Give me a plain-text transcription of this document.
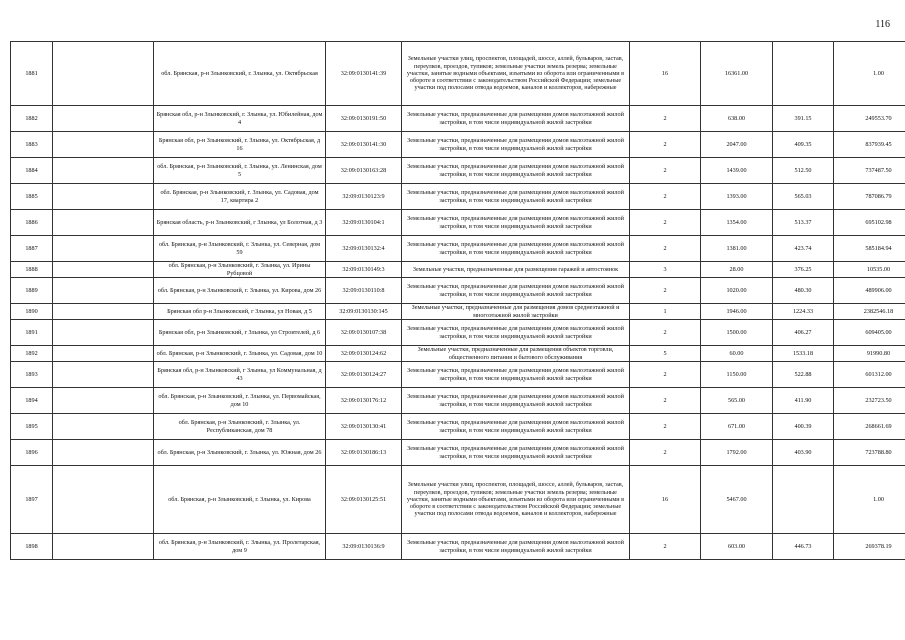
116
1881		обл. Брянская, р-н Злынковский, г. Злынка, ул. Октябрьская	32:09:0130141:39	Земельные участки улиц, проспектов, площадей, шоссе, аллей, бульваров, застав, переулков, проездов, тупиков; земельные участки земель резерва; земельные участки, занятые водными объектами, изъятыми из оборота или ограниченными в обороте в соответствии с законодательством Российской Федерации; земельные участки под полосами отвода водоемов, каналов и коллекторов, набережные	16	16361.00		1.00
1882		Брянская обл, р-н Злынковский, г. Злынка, ул. Юбилейная, дом 4	32:09:0130191:50	Земельные участки, предназначенные для размещения домов малоэтажной жилой застройки, в том числе индивидуальной жилой застройки	2	638.00	391.15	249553.70
1883		Брянская обл, р-н Злынковский, г. Злынка, ул. Октябрьская, д 16	32:09:0130141:30	Земельные участки, предназначенные для размещения домов малоэтажной жилой застройки, в том числе индивидуальной жилой застройки	2	2047.00	409.35	837939.45
1884		обл. Брянская, р-н Злынковский, г. Злынка, ул. Ленинская, дом 5	32:09:0130163:28	Земельные участки, предназначенные для размещения домов малоэтажной жилой застройки, в том числе индивидуальной жилой застройки	2	1439.00	512.50	737487.50
1885		обл. Брянская, р-н Злынковский, г. Злынка, ул. Садовая, дом 17, квартира 2	32:09:0130123:9	Земельные участки, предназначенные для размещения домов малоэтажной жилой застройки, в том числе индивидуальной жилой застройки	2	1393.00	565.03	787086.79
1886		Брянская область, р-н Злынковский, г Злынка, ул Болотная, д 3	32:09:0130104:1	Земельные участки, предназначенные для размещения домов малоэтажной жилой застройки, в том числе индивидуальной жилой застройки	2	1354.00	513.37	695102.98
1887		обл. Брянская, р-н Злынковский, г. Злынка, ул. Северная, дом 59	32:09:0130132:4	Земельные участки, предназначенные для размещения домов малоэтажной жилой застройки, в том числе индивидуальной жилой застройки	2	1381.00	423.74	585184.94
1888		обл. Брянская, р-н Злынковский, г. Злынка, ул. Ирины Рубцовой	32:09:0130149:3	Земельные участки, предназначенные для размещения гаражей и автостоянок	3	28.00	376.25	10535.00
1889		обл. Брянская, р-н Злынковский, г. Злынка, ул. Кирова, дом 26	32:09:0130110:8	Земельные участки, предназначенные для размещения домов малоэтажной жилой застройки, в том числе индивидуальной жилой застройки	2	1020.00	480.30	489906.00
1890		Брянская обл р-н Злынковский, г Злынка, ул Новая, д 5	32:09:0130130:145	Земельные участки, предназначенные для размещения домов среднеэтажной и многоэтажной жилой застройки	1	1946.00	1224.33	2382546.18
1891		Брянская обл, р-н Злынковский, г Злынка, ул Строителей, д 6	32:09:0130107:38	Земельные участки, предназначенные для размещения домов малоэтажной жилой застройки, в том числе индивидуальной жилой застройки	2	1500.00	406.27	609405.00
1892		обл. Брянская, р-н Злынковский, г. Злынка, ул. Садовая, дом 10	32:09:0130124:62	Земельные участки, предназначенные для размещения объектов торговли, общественного питания и бытового обслуживания	5	60.00	1533.18	91990.80
1893		Брянская обл, р-н Злынковский, г Злынка, ул Коммунальная, д 43	32:09:0130124:27	Земельные участки, предназначенные для размещения домов малоэтажной жилой застройки, в том числе индивидуальной жилой застройки	2	1150.00	522.88	601312.00
1894		обл. Брянская, р-н Злынковский, г. Злынка, ул. Первомайская, дом 10	32:09:0130176:12	Земельные участки, предназначенные для размещения домов малоэтажной жилой застройки, в том числе индивидуальной жилой застройки	2	565.00	411.90	232723.50
1895		обл. Брянская, р-н Злынковский, г. Злынка, ул. Республиканская, дом 78	32:09:0130130:41	Земельные участки, предназначенные для размещения домов малоэтажной жилой застройки, в том числе индивидуальной жилой застройки	2	671.00	400.39	268661.69
1896		обл. Брянская, р-н Злынковский, г. Злынка, ул. Южная, дом 26	32:09:0130186:13	Земельные участки, предназначенные для размещения домов малоэтажной жилой застройки, в том числе индивидуальной жилой застройки	2	1792.00	403.90	723788.80
1897		обл. Брянская, р-н Злынковский, г. Злынка, ул. Кирова	32:09:0130125:51	Земельные участки улиц, проспектов, площадей, шоссе, аллей, бульваров, застав, переулков, проездов, тупиков; земельные участки земель резерва; земельные участки, занятые водными объектами, изъятыми из оборота или ограниченными в обороте в соответствии с законодательством Российской Федерации; земельные участки под полосами отвода водоемов, каналов и коллекторов, набережные	16	5467.00		1.00
1898		обл. Брянская, р-н Злынковский, г. Злынка, ул. Пролетарская, дом 9	32:09:0130136:9	Земельные участки, предназначенные для размещения домов малоэтажной жилой застройки, в том числе индивидуальной жилой застройки	2	603.00	446.73	269378.19
